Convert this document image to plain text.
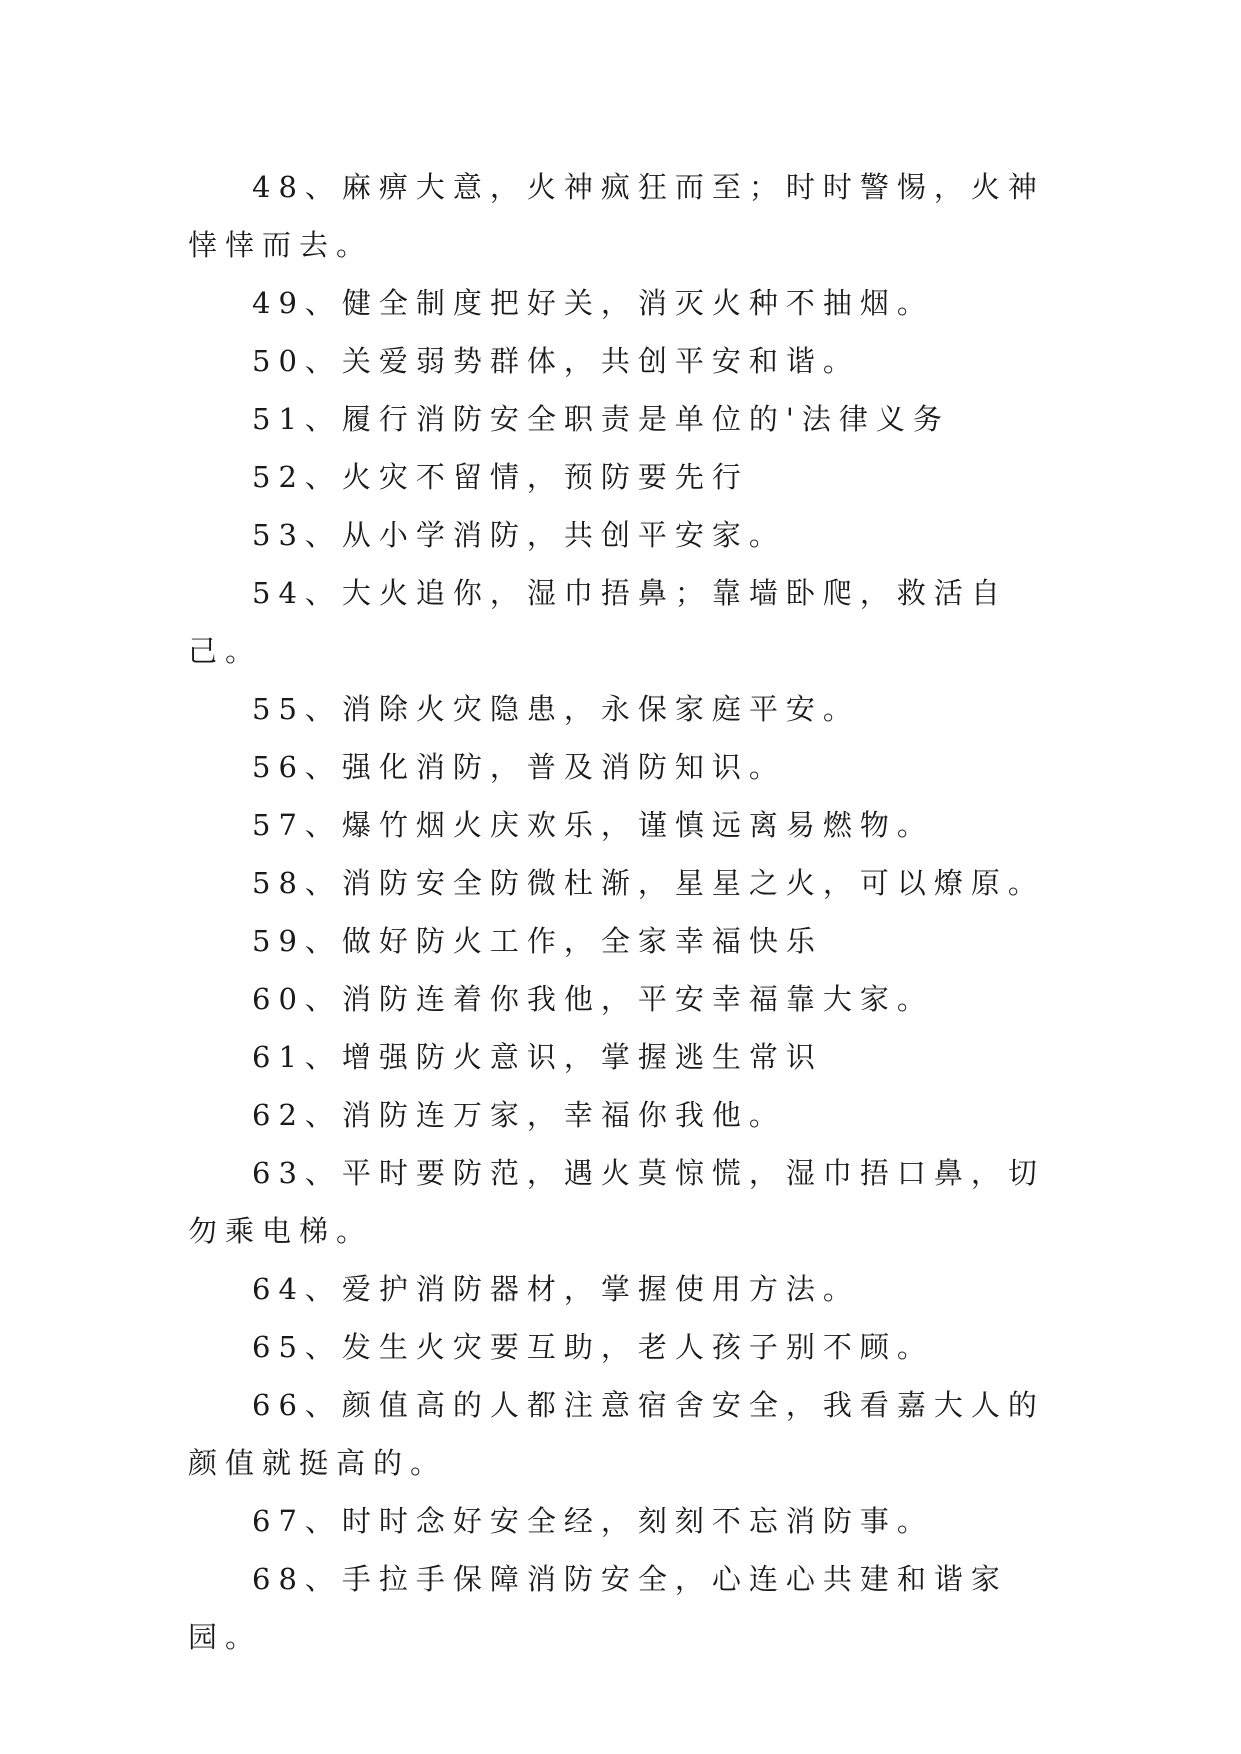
48、麻痹大意，火神疯狂而至；时时警惕，火神悻悻而去。

49、健全制度把好关，消灭火种不抽烟。

50、关爱弱势群体，共创平安和谐。

51、履行消防安全职责是单位的'法律义务

52、火灾不留情，预防要先行

53、从小学消防，共创平安家。

54、大火追你，湿巾捂鼻；靠墙卧爬，救活自己。

55、消除火灾隐患，永保家庭平安。

56、强化消防，普及消防知识。

57、爆竹烟火庆欢乐，谨慎远离易燃物。

58、消防安全防微杜渐，星星之火，可以燎原。

59、做好防火工作，全家幸福快乐

60、消防连着你我他，平安幸福靠大家。

61、增强防火意识，掌握逃生常识

62、消防连万家，幸福你我他。

63、平时要防范，遇火莫惊慌，湿巾捂口鼻，切勿乘电梯。

64、爱护消防器材，掌握使用方法。

65、发生火灾要互助，老人孩子别不顾。

66、颜值高的人都注意宿舍安全，我看嘉大人的颜值就挺高的。

67、时时念好安全经，刻刻不忘消防事。

68、手拉手保障消防安全，心连心共建和谐家园。
